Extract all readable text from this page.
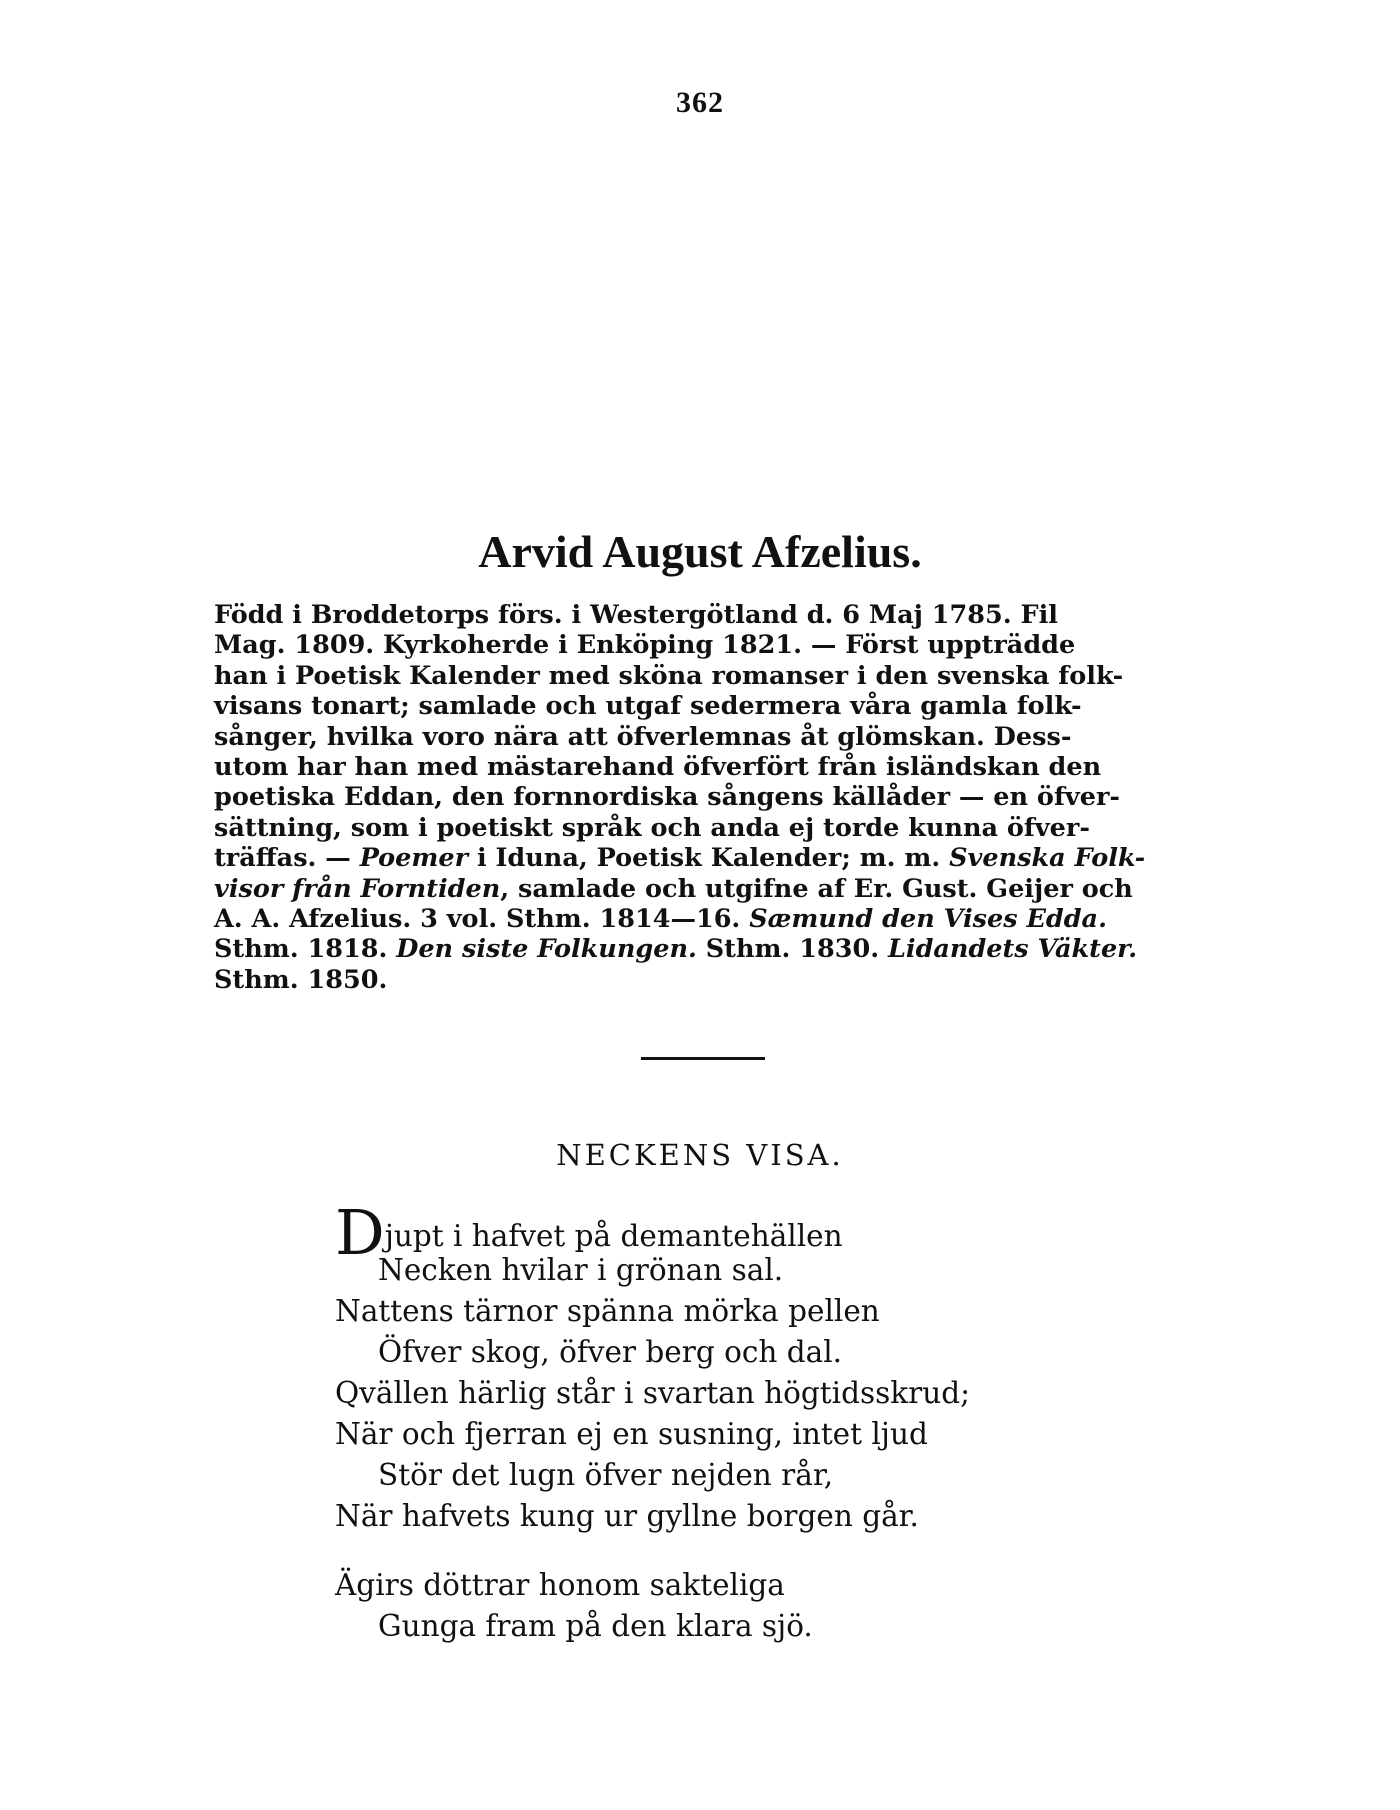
362
Arvid August Afzelius.
Född i Broddetorps förs. i Westergötland d. 6 Maj 1785. Fil
Mag. 1809. Kyrkoherde i Enköping 1821. — Först uppträdde
han i Poetisk Kalender med sköna romanser i den svenska folk-
visans tonart; samlade och utgaf sedermera våra gamla folk-
sånger, hvilka voro nära att öfverlemnas åt glömskan. Dess-
utom har han med mästarehand öfverfört från isländskan den
poetiska Eddan, den fornnordiska sångens källåder — en öfver-
sättning, som i poetiskt språk och anda ej torde kunna öfver-
träffas. — Poemer i Iduna, Poetisk Kalender; m. m. Svenska Folk-
visor från Forntiden, samlade och utgifne af Er. Gust. Geijer och
A. A. Afzelius. 3 vol. Sthm. 1814—16. Sæmund den Vises Edda.
Sthm. 1818. Den siste Folkungen. Sthm. 1830. Lidandets Väkter.
Sthm. 1850.
NECKENS VISA.
Djupt i hafvet på demantehällen
Necken hvilar i grönan sal.
Nattens tärnor spänna mörka pellen
Öfver skog, öfver berg och dal.
Qvällen härlig står i svartan högtidsskrud;
När och fjerran ej en susning, intet ljud
Stör det lugn öfver nejden rår,
När hafvets kung ur gyllne borgen går.
Ägirs döttrar honom sakteliga
Gunga fram på den klara sjö.
